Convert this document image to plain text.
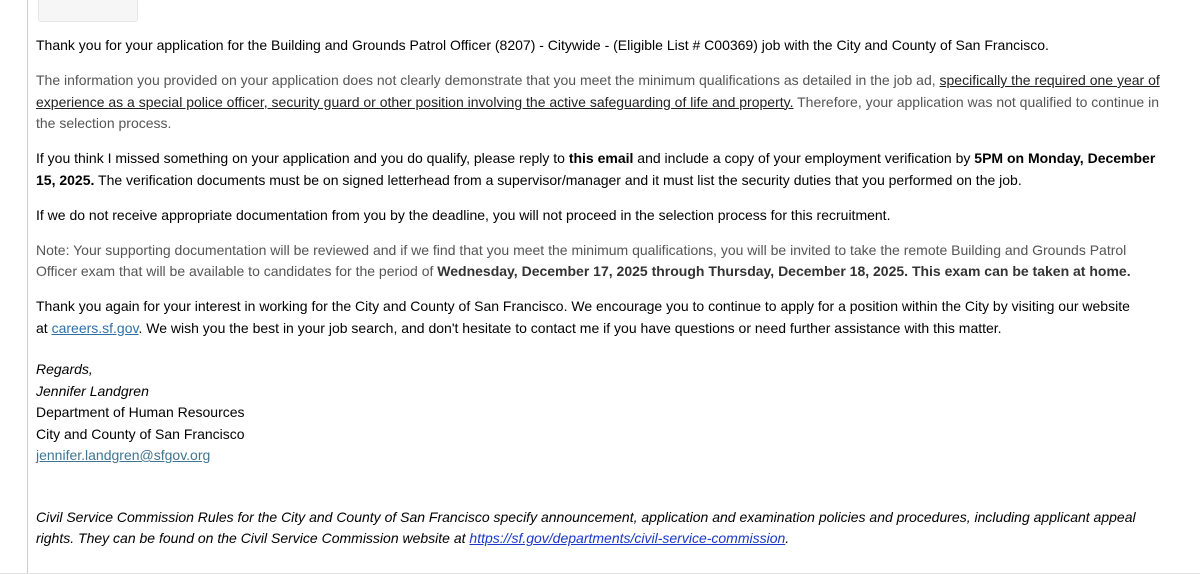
Thank you for your application for the Building and Grounds Patrol Officer (8207) - Citywide - (Eligible List # C00369) job with the City and County of San Francisco.

The information you provided on your application does not clearly demonstrate that you meet the minimum qualifications as detailed in the job ad, specifically the required one year of experience as a special police officer, security guard or other position involving the active safeguarding of life and property. Therefore, your application was not qualified to continue in the selection process.

If you think I missed something on your application and you do qualify, please reply to this email and include a copy of your employment verification by 5PM on Monday, December 15, 2025. The verification documents must be on signed letterhead from a supervisor/manager and it must list the security duties that you performed on the job.

If we do not receive appropriate documentation from you by the deadline, you will not proceed in the selection process for this recruitment.

Note: Your supporting documentation will be reviewed and if we find that you meet the minimum qualifications, you will be invited to take the remote Building and Grounds Patrol Officer exam that will be available to candidates for the period of Wednesday, December 17, 2025 through Thursday, December 18, 2025. This exam can be taken at home.

Thank you again for your interest in working for the City and County of San Francisco. We encourage you to continue to apply for a position within the City by visiting our website at careers.sf.gov. We wish you the best in your job search, and don't hesitate to contact me if you have questions or need further assistance with this matter.

Regards,
Jennifer Landgren
Department of Human Resources
City and County of San Francisco
jennifer.landgren@sfgov.org

Civil Service Commission Rules for the City and County of San Francisco specify announcement, application and examination policies and procedures, including applicant appeal rights. They can be found on the Civil Service Commission website at https://sf.gov/departments/civil-service-commission.
